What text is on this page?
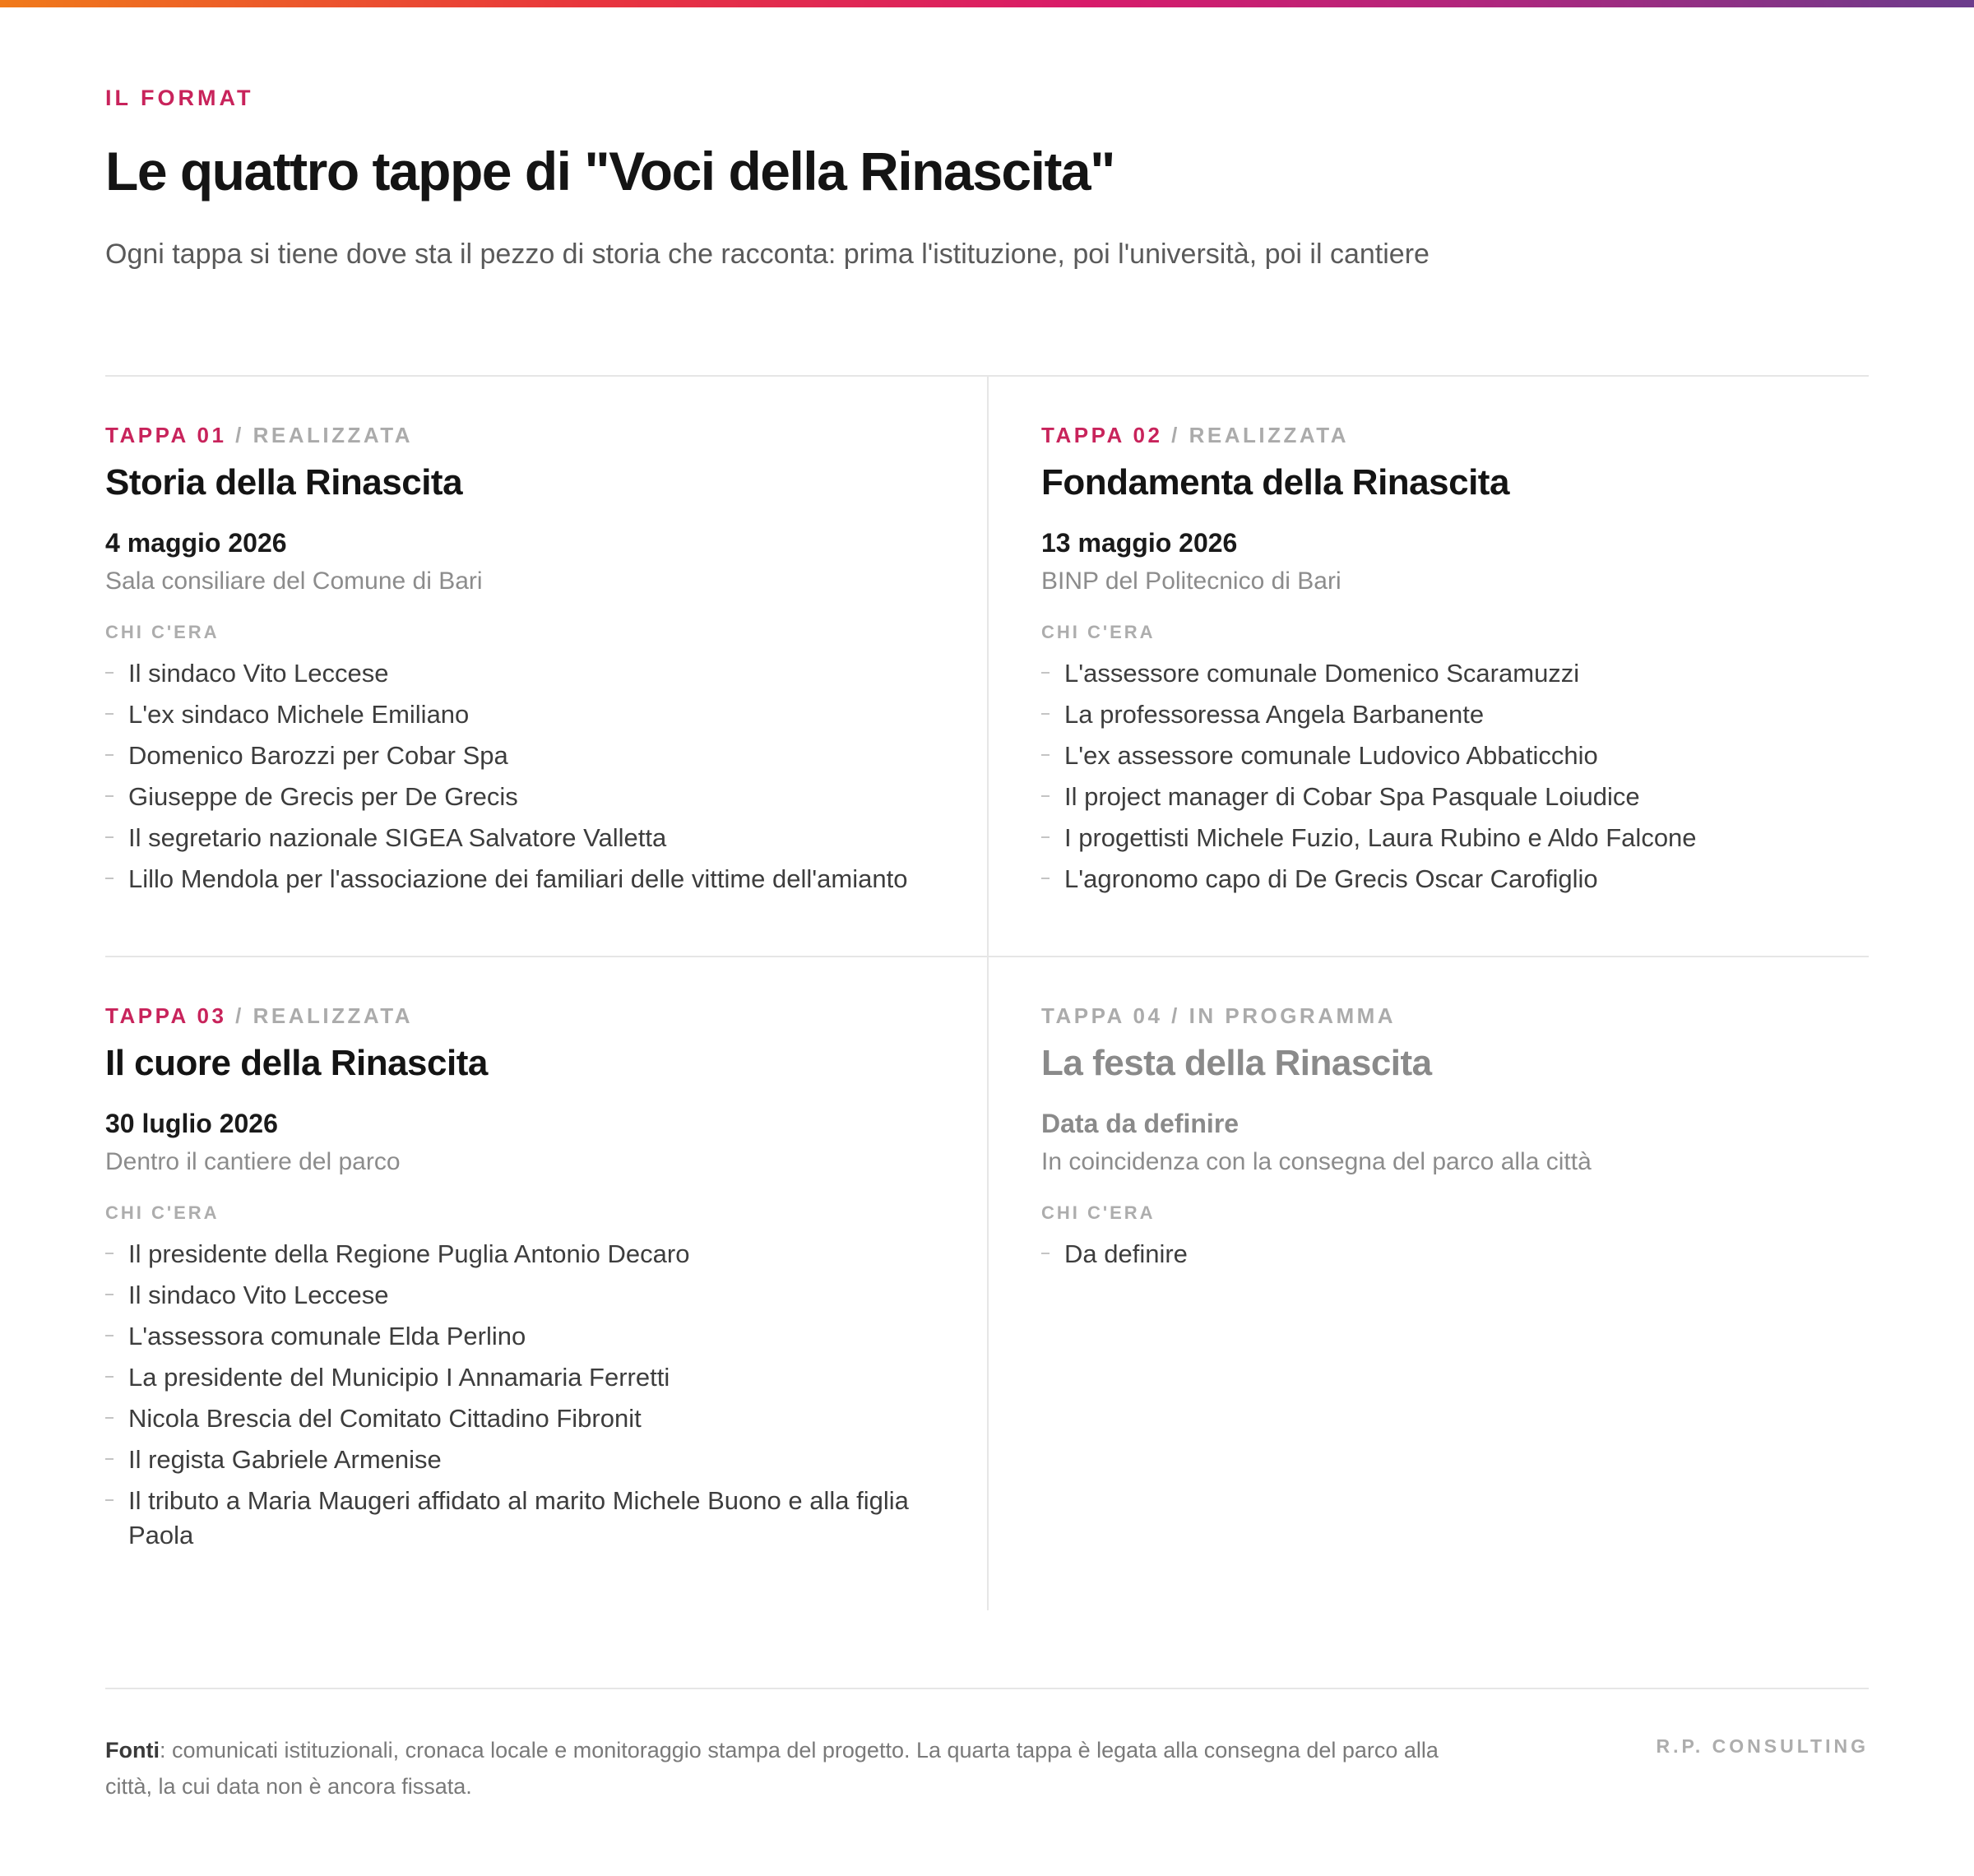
IL FORMAT
Le quattro tappe di "Voci della Rinascita"

Ogni tappa si tiene dove sta il pezzo di storia che racconta: prima l'istituzione, poi l'università, poi il cantiere

TAPPA 01 / REALIZZATA
Storia della Rinascita
4 maggio 2026
Sala consiliare del Comune di Bari
CHI C'ERA
Il sindaco Vito Leccese
L'ex sindaco Michele Emiliano
Domenico Barozzi per Cobar Spa
Giuseppe de Grecis per De Grecis
Il segretario nazionale SIGEA Salvatore Valletta
Lillo Mendola per l'associazione dei familiari delle vittime dell'amianto
TAPPA 02 / REALIZZATA
Fondamenta della Rinascita
13 maggio 2026
BINP del Politecnico di Bari
CHI C'ERA
L'assessore comunale Domenico Scaramuzzi
La professoressa Angela Barbanente
L'ex assessore comunale Ludovico Abbaticchio
Il project manager di Cobar Spa Pasquale Loiudice
I progettisti Michele Fuzio, Laura Rubino e Aldo Falcone
L'agronomo capo di De Grecis Oscar Carofiglio
TAPPA 03 / REALIZZATA
Il cuore della Rinascita
30 luglio 2026
Dentro il cantiere del parco
CHI C'ERA
Il presidente della Regione Puglia Antonio Decaro
Il sindaco Vito Leccese
L'assessora comunale Elda Perlino
La presidente del Municipio I Annamaria Ferretti
Nicola Brescia del Comitato Cittadino Fibronit
Il regista Gabriele Armenise
Il tributo a Maria Maugeri affidato al marito Michele Buono e alla figlia Paola
TAPPA 04 / IN PROGRAMMA
La festa della Rinascita
Data da definire
In coincidenza con la consegna del parco alla città
CHI C'ERA
Da definire

Fonti: comunicati istituzionali, cronaca locale e monitoraggio stampa del progetto. La quarta tappa è legata alla consegna del parco alla città, la cui data non è ancora fissata.

R.P. CONSULTING
